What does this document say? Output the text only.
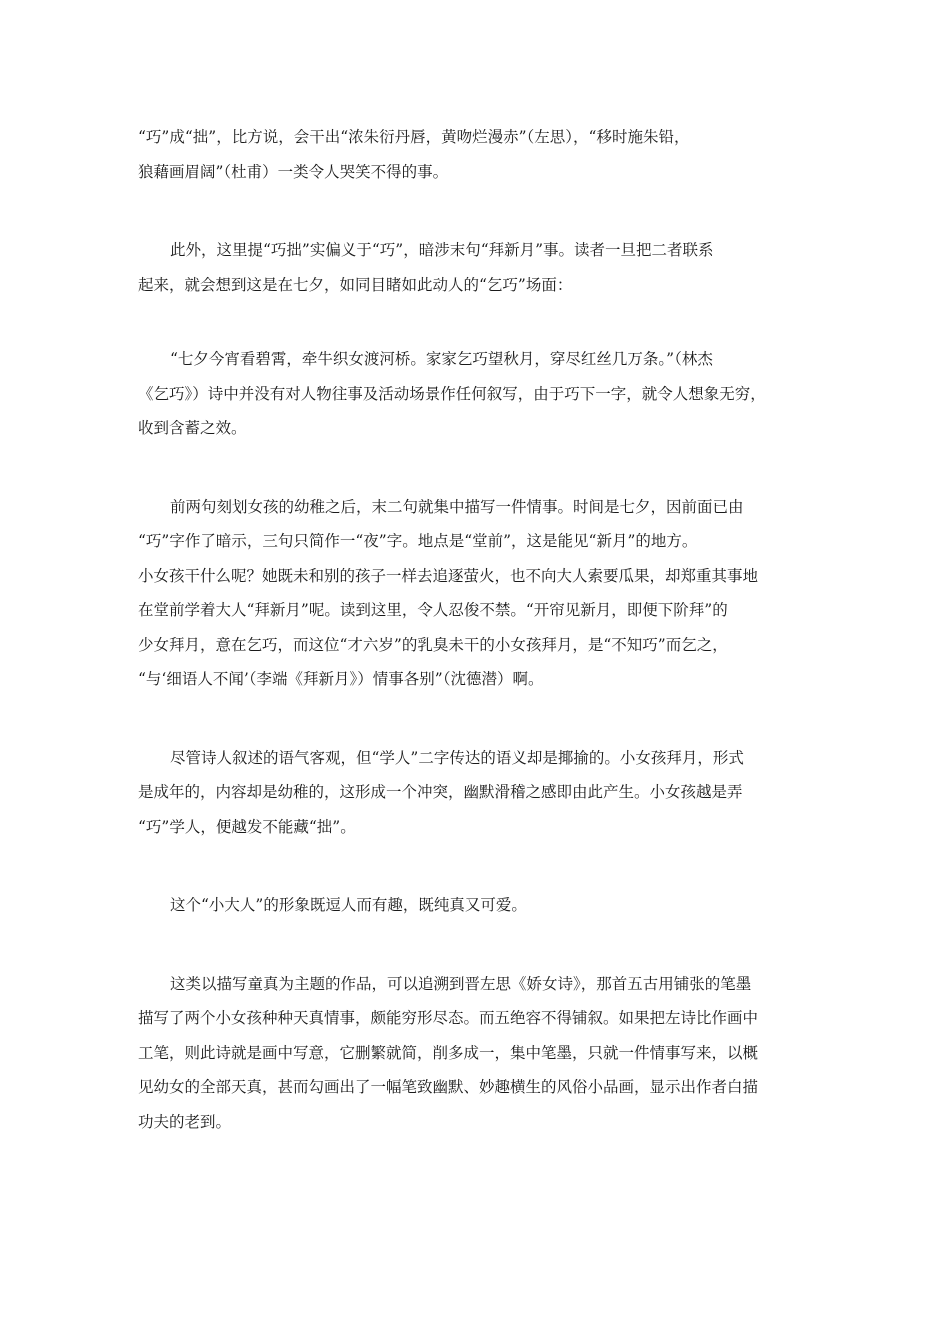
“巧”成“拙”，比方说，会干出“浓朱衍丹唇，黄吻烂漫赤”（左思），“移时施朱铅，
狼藉画眉阔”（杜甫）一类令人哭笑不得的事。
此外，这里提“巧拙”实偏义于“巧”，暗涉末句“拜新月”事。读者一旦把二者联系
起来，就会想到这是在七夕，如同目睹如此动人的“乞巧”场面：
“七夕今宵看碧霄，牵牛织女渡河桥。家家乞巧望秋月，穿尽红丝几万条。”（林杰
《乞巧》）诗中并没有对人物往事及活动场景作任何叙写，由于巧下一字，就令人想象无穷，
收到含蓄之效。
前两句刻划女孩的幼稚之后，末二句就集中描写一件情事。时间是七夕，因前面已由
“巧”字作了暗示，三句只简作一“夜”字。地点是“堂前”，这是能见“新月”的地方。
小女孩干什么呢？她既未和别的孩子一样去追逐萤火，也不向大人索要瓜果，却郑重其事地
在堂前学着大人“拜新月”呢。读到这里，令人忍俊不禁。“开帘见新月，即便下阶拜”的
少女拜月，意在乞巧，而这位“才六岁”的乳臭未干的小女孩拜月，是“不知巧”而乞之，
“与‘细语人不闻’（李端《拜新月》）情事各别”（沈德潜）啊。
尽管诗人叙述的语气客观，但“学人”二字传达的语义却是揶揄的。小女孩拜月，形式
是成年的，内容却是幼稚的，这形成一个冲突，幽默滑稽之感即由此产生。小女孩越是弄
“巧”学人，便越发不能藏“拙”。
这个“小大人”的形象既逗人而有趣，既纯真又可爱。
这类以描写童真为主题的作品，可以追溯到晋左思《娇女诗》，那首五古用铺张的笔墨
描写了两个小女孩种种天真情事，颇能穷形尽态。而五绝容不得铺叙。如果把左诗比作画中
工笔，则此诗就是画中写意，它删繁就简，削多成一，集中笔墨，只就一件情事写来，以概
见幼女的全部天真，甚而勾画出了一幅笔致幽默、妙趣横生的风俗小品画，显示出作者白描
功夫的老到。
